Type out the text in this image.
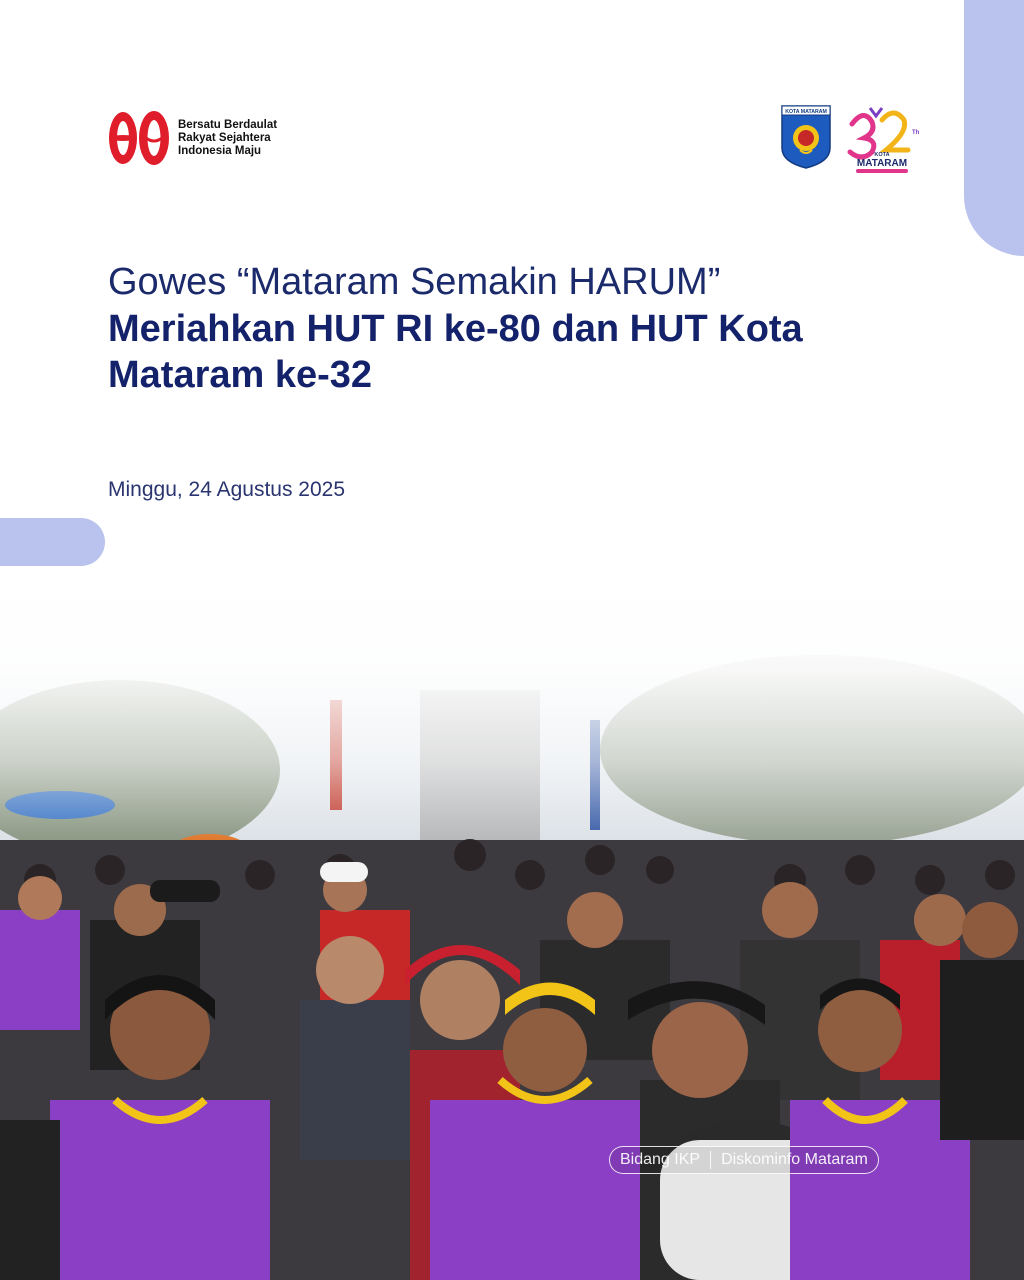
Bersatu Berdaulat
Rakyat Sejahtera
Indonesia Maju
KOTA MATARAM
Th
KOTA
MATARAM
Gowes “Mataram Semakin HARUM”
Meriahkan HUT RI ke-80 dan HUT Kota Mataram ke-32
Minggu, 24 Agustus 2025
Bidang IKP Diskominfo Mataram
